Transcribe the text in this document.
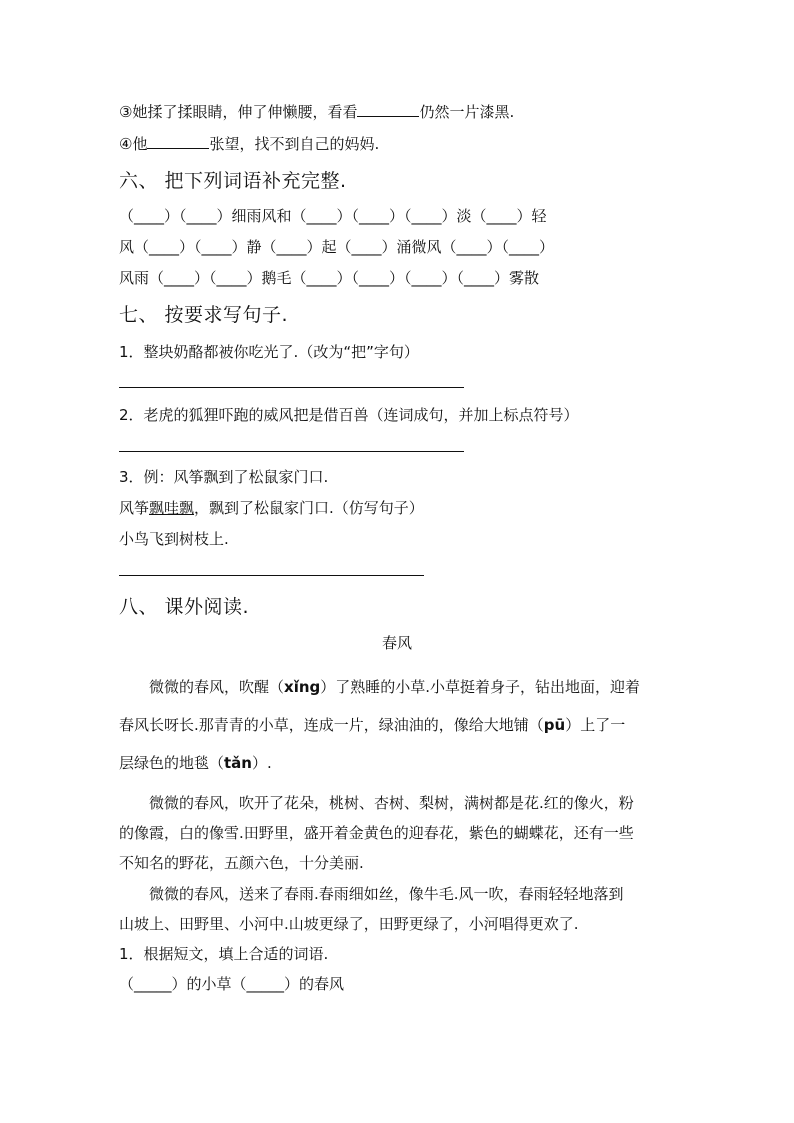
③她揉了揉眼睛，伸了伸懒腰，看看	仍然一片漆黑.
④他	张望，找不到自己的妈妈.
六、 把下列词语补充完整.
（____）（____）细雨风和（____）（____）（____）淡（____）轻
风（____）（____）静（____）起（____）涌微风（____）（____）
风雨（____）（____）鹅毛（____）（____）（____）（____）雾散
七、 按要求写句子.
1．整块奶酪都被你吃光了.（改为“把”字句）
2．老虎的狐狸吓跑的威风把是借百兽（连词成句，并加上标点符号）
3．例：风筝飘到了松鼠家门口.
风筝飘哇飘，飘到了松鼠家门口.（仿写句子）
小鸟飞到树枝上.
八、 课外阅读.
春风
微微的春风，吹醒（xǐng）了熟睡的小草.小草挺着身子，钻出地面，迎着
春风长呀长.那青青的小草，连成一片，绿油油的，像给大地铺（pū）上了一
层绿色的地毯（tǎn）.
微微的春风，吹开了花朵，桃树、杏树、梨树，满树都是花.红的像火，粉
的像霞，白的像雪.田野里，盛开着金黄色的迎春花，紫色的蝴蝶花，还有一些
不知名的野花，五颜六色，十分美丽.
微微的春风，送来了春雨.春雨细如丝，像牛毛.风一吹，春雨轻轻地落到
山坡上、田野里、小河中.山坡更绿了，田野更绿了，小河唱得更欢了.
1．根据短文，填上合适的词语.
（_____）的小草（_____）的春风
